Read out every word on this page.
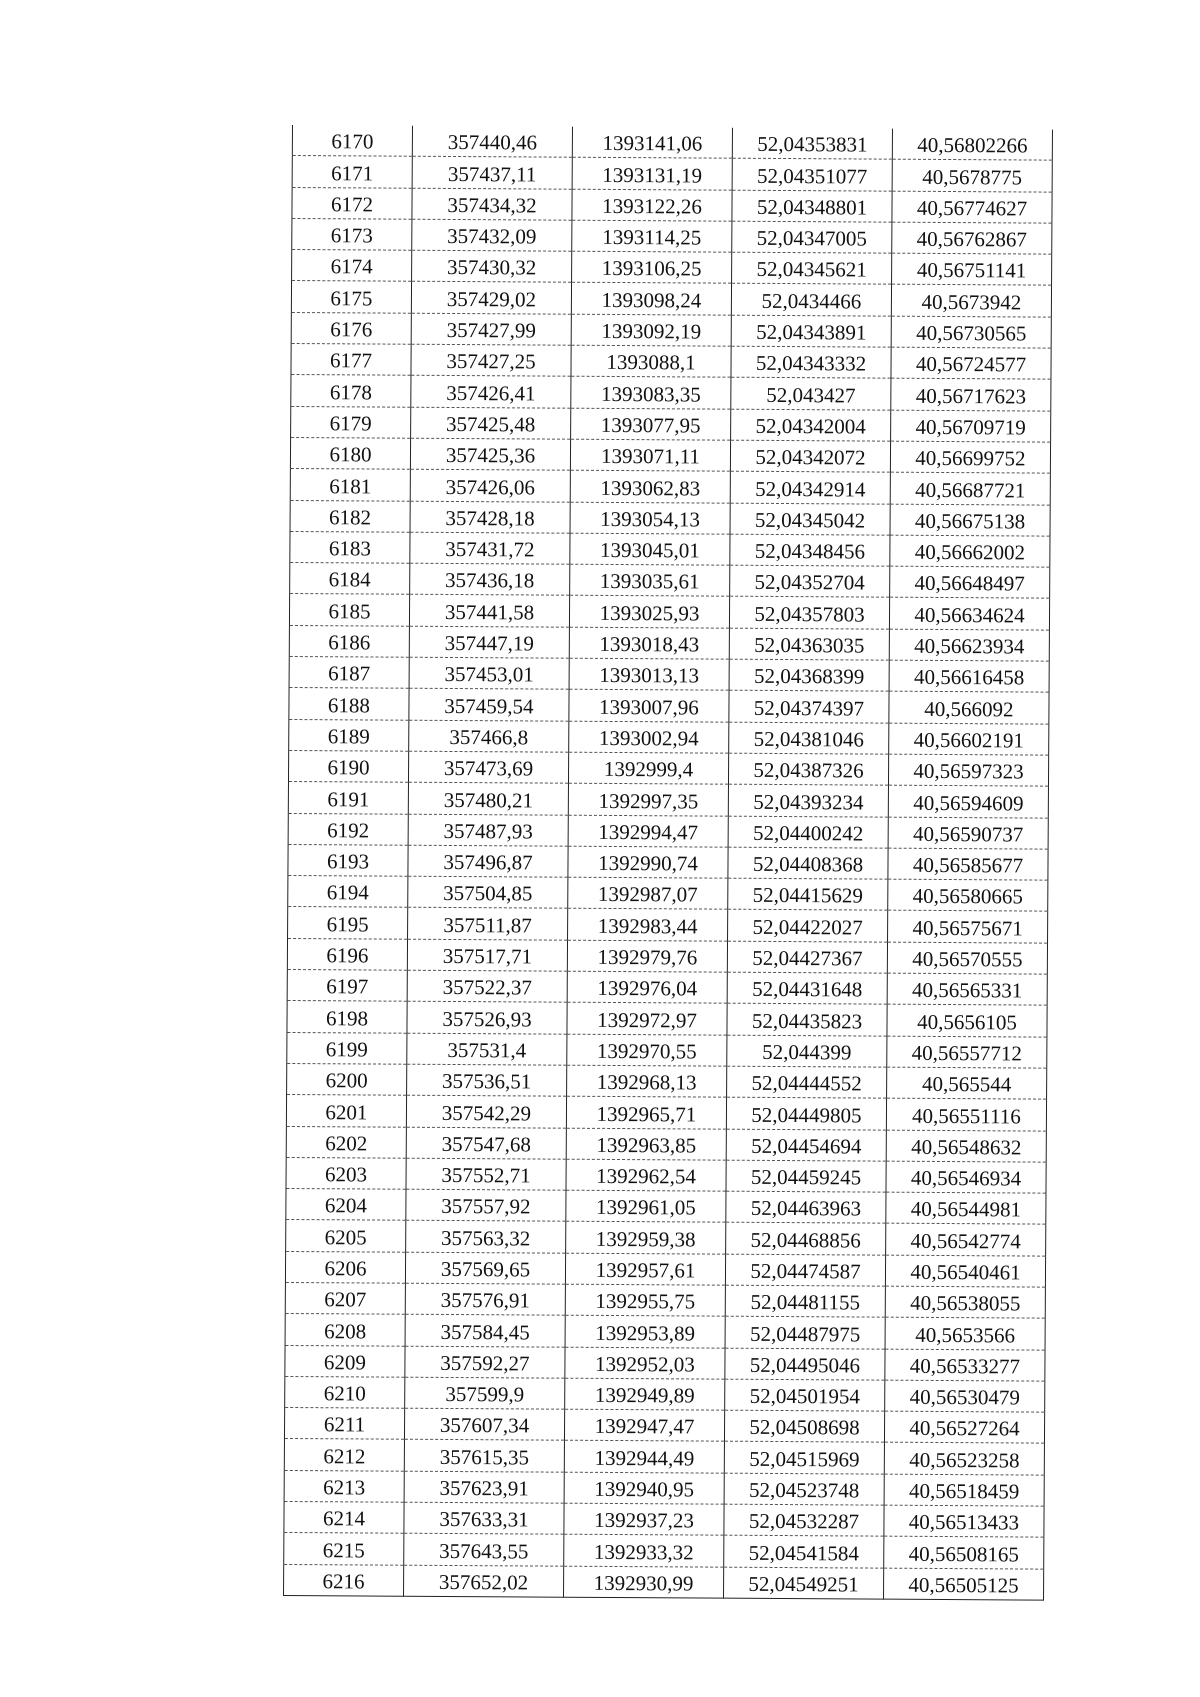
6170	357440,46	1393141,06	52,04353831	40,56802266
6171	357437,11	1393131,19	52,04351077	40,5678775
6172	357434,32	1393122,26	52,04348801	40,56774627
6173	357432,09	1393114,25	52,04347005	40,56762867
6174	357430,32	1393106,25	52,04345621	40,56751141
6175	357429,02	1393098,24	52,0434466	40,5673942
6176	357427,99	1393092,19	52,04343891	40,56730565
6177	357427,25	1393088,1	52,04343332	40,56724577
6178	357426,41	1393083,35	52,043427	40,56717623
6179	357425,48	1393077,95	52,04342004	40,56709719
6180	357425,36	1393071,11	52,04342072	40,56699752
6181	357426,06	1393062,83	52,04342914	40,56687721
6182	357428,18	1393054,13	52,04345042	40,56675138
6183	357431,72	1393045,01	52,04348456	40,56662002
6184	357436,18	1393035,61	52,04352704	40,56648497
6185	357441,58	1393025,93	52,04357803	40,56634624
6186	357447,19	1393018,43	52,04363035	40,56623934
6187	357453,01	1393013,13	52,04368399	40,56616458
6188	357459,54	1393007,96	52,04374397	40,566092
6189	357466,8	1393002,94	52,04381046	40,56602191
6190	357473,69	1392999,4	52,04387326	40,56597323
6191	357480,21	1392997,35	52,04393234	40,56594609
6192	357487,93	1392994,47	52,04400242	40,56590737
6193	357496,87	1392990,74	52,04408368	40,56585677
6194	357504,85	1392987,07	52,04415629	40,56580665
6195	357511,87	1392983,44	52,04422027	40,56575671
6196	357517,71	1392979,76	52,04427367	40,56570555
6197	357522,37	1392976,04	52,04431648	40,56565331
6198	357526,93	1392972,97	52,04435823	40,5656105
6199	357531,4	1392970,55	52,044399	40,56557712
6200	357536,51	1392968,13	52,04444552	40,565544
6201	357542,29	1392965,71	52,04449805	40,56551116
6202	357547,68	1392963,85	52,04454694	40,56548632
6203	357552,71	1392962,54	52,04459245	40,56546934
6204	357557,92	1392961,05	52,04463963	40,56544981
6205	357563,32	1392959,38	52,04468856	40,56542774
6206	357569,65	1392957,61	52,04474587	40,56540461
6207	357576,91	1392955,75	52,04481155	40,56538055
6208	357584,45	1392953,89	52,04487975	40,5653566
6209	357592,27	1392952,03	52,04495046	40,56533277
6210	357599,9	1392949,89	52,04501954	40,56530479
6211	357607,34	1392947,47	52,04508698	40,56527264
6212	357615,35	1392944,49	52,04515969	40,56523258
6213	357623,91	1392940,95	52,04523748	40,56518459
6214	357633,31	1392937,23	52,04532287	40,56513433
6215	357643,55	1392933,32	52,04541584	40,56508165
6216	357652,02	1392930,99	52,04549251	40,56505125
